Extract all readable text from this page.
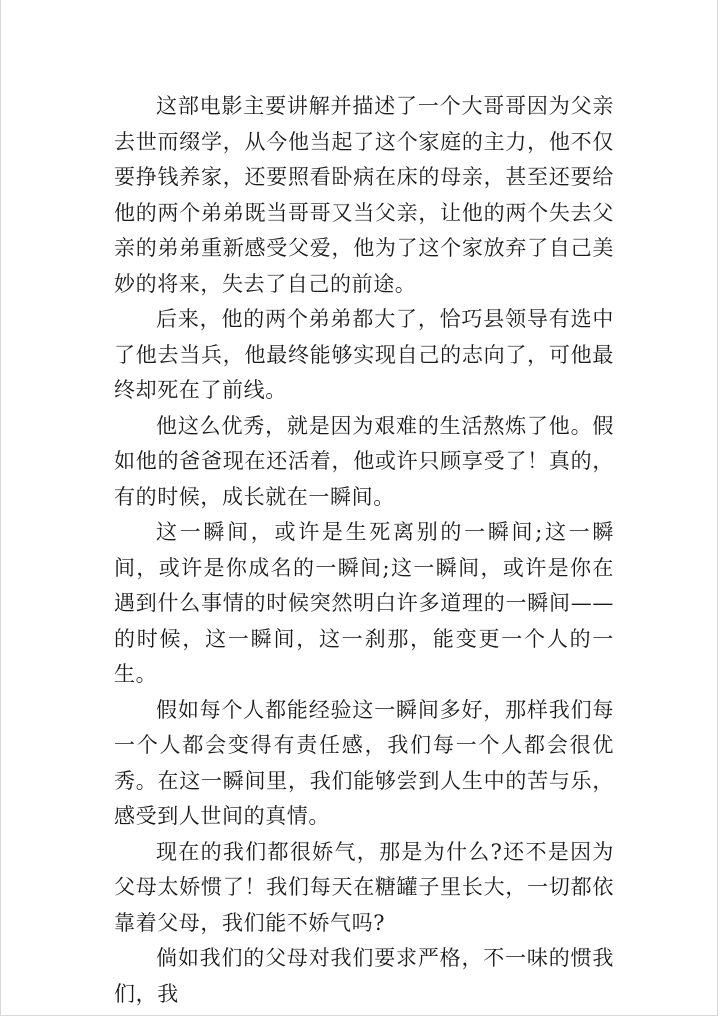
这部电影主要讲解并描述了一个大哥哥因为父亲去世而缀学，从今他当起了这个家庭的主力，他不仅要挣钱养家，还要照看卧病在床的母亲，甚至还要给他的两个弟弟既当哥哥又当父亲，让他的两个失去父亲的弟弟重新感受父爱，他为了这个家放弃了自己美妙的将来，失去了自己的前途。

后来，他的两个弟弟都大了，恰巧县领导有选中了他去当兵，他最终能够实现自己的志向了，可他最终却死在了前线。

他这么优秀，就是因为艰难的生活熬炼了他。假如他的爸爸现在还活着，他或许只顾享受了！真的，有的时候，成长就在一瞬间。

这一瞬间，或许是生死离别的一瞬间;这一瞬间，或许是你成名的一瞬间;这一瞬间，或许是你在遇到什么事情的时候突然明白许多道理的一瞬间——的时候，这一瞬间，这一刹那，能变更一个人的一生。

假如每个人都能经验这一瞬间多好，那样我们每一个人都会变得有责任感，我们每一个人都会很优秀。在这一瞬间里，我们能够尝到人生中的苦与乐，感受到人世间的真情。

现在的我们都很娇气，那是为什么?还不是因为父母太娇惯了！我们每天在糖罐子里长大，一切都依靠着父母，我们能不娇气吗?

倘如我们的父母对我们要求严格，不一味的惯我们，我
